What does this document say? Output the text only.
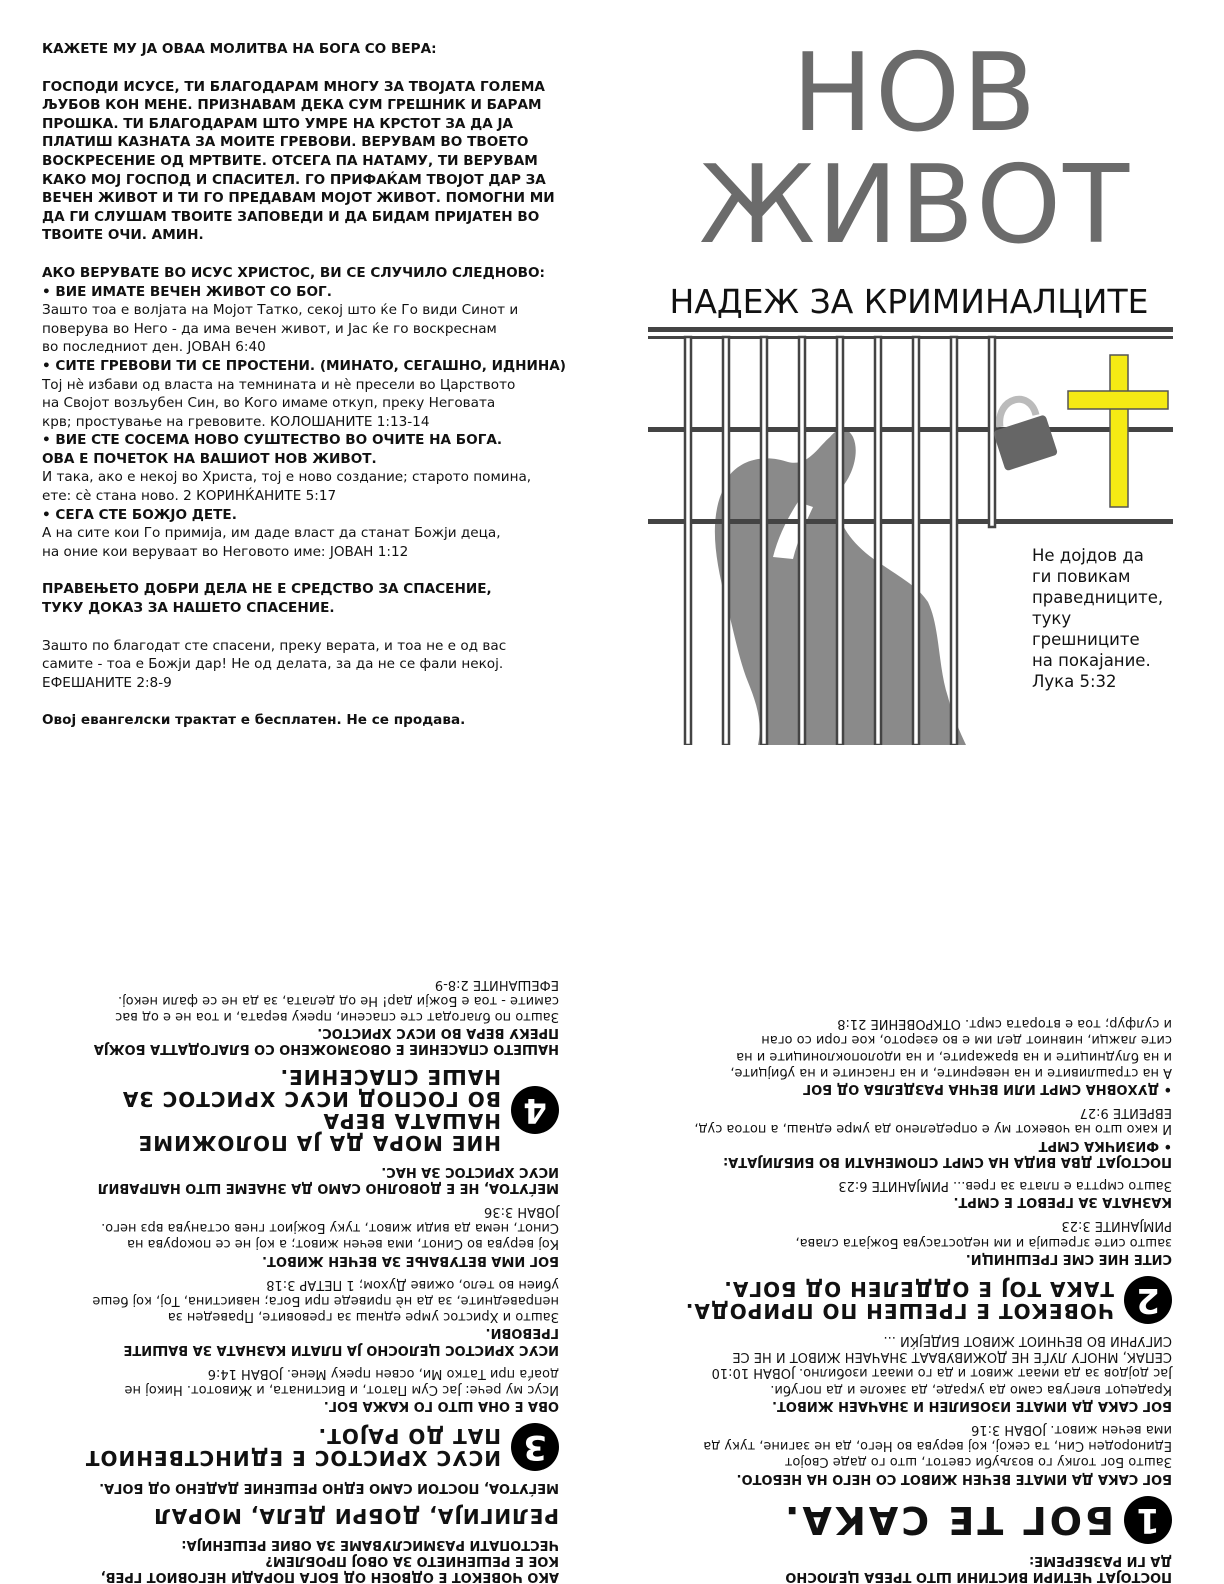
КАЖЕТЕ МУ ЈА ОВАА МОЛИТВА НА БОГА СО ВЕРА:

ГОСПОДИ ИСУСЕ, ТИ БЛАГОДАРАМ МНОГУ ЗА ТВОЈАТА ГОЛЕМА
ЉУБОВ КОН МЕНЕ. ПРИЗНАВАМ ДЕКА СУМ ГРЕШНИК И БАРАМ
ПРОШКА. ТИ БЛАГОДАРАМ ШТО УМРЕ НА КРСТОТ ЗА ДА ЈА
ПЛАТИШ КАЗНАТА ЗА МОИТЕ ГРЕВОВИ. ВЕРУВАМ ВО ТВОЕТО
ВОСКРЕСЕНИЕ ОД МРТВИТЕ. ОТСЕГА ПА НАТАМУ, ТИ ВЕРУВАМ
КАКО МОЈ ГОСПОД И СПАСИТЕЛ. ГО ПРИФАЌАМ ТВОЈОТ ДАР ЗА
ВЕЧЕН ЖИВОТ И ТИ ГО ПРЕДАВАМ МОЈОТ ЖИВОТ. ПОМОГНИ МИ
ДА ГИ СЛУШАМ ТВОИТЕ ЗАПОВЕДИ И ДА БИДАМ ПРИЈАТЕН ВО
ТВОИТЕ ОЧИ. АМИН.

АКО ВЕРУВАТЕ ВО ИСУС ХРИСТОС, ВИ СЕ СЛУЧИЛО СЛЕДНОВО:

• ВИЕ ИМАТЕ ВЕЧЕН ЖИВОТ СО БОГ.

Зашто тоа е волјата на Мојот Татко, секој што ќе Го види Синот и
поверува во Него - да има вечен живот, и Јас ќе го воскреснам
во последниот ден. ЈОВАН 6:40

• СИТЕ ГРЕВОВИ ТИ СЕ ПРОСТЕНИ. (МИНАТО, СЕГАШНО, ИДНИНА)

Тој нè избави од власта на темнината и нè пресели во Царството
на Својот возљубен Син, во Кого имаме откуп, преку Неговата
крв; простување на гревовите. КОЛОШАНИТЕ 1:13-14

• ВИЕ СТЕ СОСЕМА НОВО СУШТЕСТВО ВО ОЧИТЕ НА БОГА.
ОВА Е ПОЧЕТОК НА ВАШИОТ НОВ ЖИВОТ.

И така, ако е некој во Христа, тој е ново создание; старото помина,
ете: сè стана ново. 2 КОРИНЌАНИТЕ 5:17

• СЕГА СТЕ БОЖЈО ДЕТЕ.

А на сите кои Го примија, им даде власт да станат Божји деца,
на оние кои веруваат во Неговото име: ЈОВАН 1:12

ПРАВЕЊЕТО ДОБРИ ДЕЛА НЕ Е СРЕДСТВО ЗА СПАСЕНИЕ,
ТУКУ ДОКАЗ ЗА НАШЕТО СПАСЕНИЕ.

Зашто по благодат сте спасени, преку верата, и тоа не е од вас
самите - тоа е Божји дар! Не од делата, за да не се фали некој.
ЕФЕШАНИТЕ 2:8-9

Овој евангелски трактат е бесплатен. Не се продава.

НОВ
ЖИВОТ
НАДЕЖ ЗА КРИМИНАЛЦИТЕ
Не дојдов да
ги повикам
праведниците,
туку
грешниците
на покајание.
Лука 5:32

АКО ЧОВЕКОТ Е ОДВОЕН ОД БОГА ПОРАДИ НЕГОВИОТ ГРЕВ,
КОЕ Е РЕШЕНИЕТО ЗА ОВОЈ ПРОБЛЕМ?
ЧЕСТОПАТИ РАЗМИСЛУВАМЕ ЗА ОВИЕ РЕШЕНИЈА:

РЕЛИГИЈА, ДОБРИ ДЕЛА, МОРАЛ

МЕЃУТОА, ПОСТОИ САМО ЕДНО РЕШЕНИЕ ДАДЕНО ОД БОГА.

3
ИСУС ХРИСТОС Е ЕДИНСТВЕНИОТ
ПАТ ДО РАЈОТ.

ОВА Е ОНА ШТО ГО КАЖА БОГ.

Исус му рече: Јас Сум Патот, и Вистината, и Животот. Никој не
доаѓа при Татко Ми, освен преку Мене. ЈОВАН 14:6

ИСУС ХРИСТОС ЦЕЛОСНО ЈА ПЛАТИ КАЗНАТА ЗА ВАШИТЕ ГРЕВОВИ.

Зашто и Христос умре еднаш за гревовите, Праведен за
неправедните, за да нè приведе при Бога; навистина, Тој, кој беше
убиен во тело, оживе Духом; 1 ПЕТАР 3:18

БОГ ИМА ВЕТУВАЊЕ ЗА ВЕЧЕН ЖИВОТ.

Кој верува во Синот, има вечен живот; а кој не се покорува на
Синот, нема да види живот, туку Божјиот гнев останува врз него.
ЈОВАН 3:36

МЕЃУТОА, НЕ Е ДОВОЛНО САМО ДА ЗНАЕМЕ ШТО НАПРАВИЛ
ИСУС ХРИСТОС ЗА НАС.

4
НИЕ МОРА ДА ЈА ПОЛОЖИМЕ НАШАТА ВЕРА
ВО ГОСПОД ИСУС ХРИСТОС ЗА НАШЕ СПАСЕНИЕ.

НАШЕТО СПАСЕНИЕ Е ОВОЗМОЖЕНО СО БЛАГОДАТТА БОЖЈА
ПРЕКУ ВЕРА ВО ИСУС ХРИСТОС.

Зашто по благодат сте спасени, преку верата, и тоа не е од вас
самите - тоа е Божји дар! Не од делата, за да не се фали некој.
ЕФЕШАНИТЕ 2:8-9

ПОСТОЈАТ ЧЕТИРИ ВИСТИНИ ШТО ТРЕБА ЦЕЛОСНО
ДА ГИ РАЗБЕРЕМЕ:

1
БОГ ТЕ САКА.

БОГ САКА ДА ИМАТЕ ВЕЧЕН ЖИВОТ СО НЕГО НА НЕБОТО.

Зашто Бог толку го возљуби светот, што го даде Својот
Единороден Син, та секој, кој верува во Него, да не загине, туку да
има вечен живот. ЈОВАН 3:16

БОГ САКА ДА ИМАТЕ ИЗОБИЛЕН И ЗНАЧАЕН ЖИВОТ.

Крадецот влегува само да украде, да заколе и да погуби.
Јас дојдов за да имаат живот и да го имаат изобилно. ЈОВАН 10:10
СЕПАК, МНОГУ ЛУЃЕ НЕ ДОЖИВУВААТ ЗНАЧАЕН ЖИВОТ И НЕ СЕ
СИГУРНИ ВО ВЕЧНИОТ ЖИВОТ БИДЕЈЌИ ...

2
ЧОВЕКОТ Е ГРЕШЕН ПО ПРИРОДА.
ТАКА ТОЈ Е ОДДЕЛЕН ОД БОГА.

СИТЕ НИЕ СМЕ ГРЕШНИЦИ.

зашто сите згрешија и им недостасува Божјата слава,
РИМЈАНИТЕ 3:23

КАЗНАТА ЗА ГРЕВОТ Е СМРТ.

Зашто смртта е плата за грев... РИМЈАНИТЕ 6:23

ПОСТОЈАТ ДВА ВИДА НА СМРТ СПОМЕНАТИ ВО БИБЛИЈАТА:

• ФИЗИЧКА СМРТ

И како што на човекот му е определено да умре еднаш, а потоа суд,
ЕВРЕИТЕ 9:27

• ДУХОВНА СМРТ ИЛИ ВЕЧНА РАЗДЕЛБА ОД БОГ

А на страшливите и на неверните, и на гнасните и на убијците,
и на блудниците и на вражарите, и на идолопоклониците и на
сите лажци, нивниот дел им е во езерото, кое гори со оган
и сулфур; тоа е втората смрт. ОТКРОВЕНИЕ 21:8
